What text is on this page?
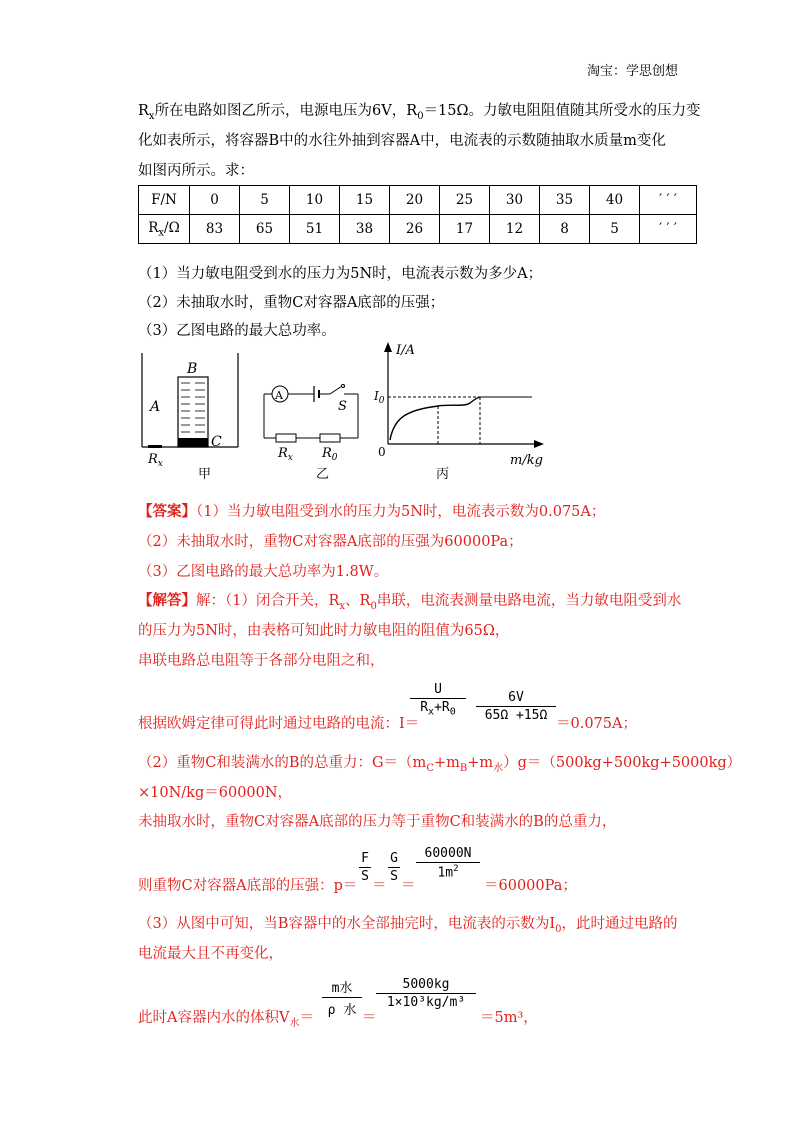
淘宝：学思创想
$R_x$所在电路如图乙所示，电源电压为6V，$R_0=15\Omega$。力敏电阻阻值随其所受水的压力变
化如表所示，将容器B中的水往外抽到容器A中，电流表的示数随抽取水质量m变化
如图丙所示。求：
F/N	0	5	10	15	20	25	30	35	40	′ ′ ′
$R_x/\Omega$	83	65	51	38	26	17	12	8	5	′ ′ ′
（1）当力敏电阻受到水的压力为5N时，电流表示数为多少A；
（2）未抽取水时，重物C对容器A底部的压强；
（3）乙图电路的最大总功率。
A
B
C
$R_x$
甲
A
S
$R_x$ $R_0$
乙
I/A
$I_0$
0
m/kg
丙
【答案】（1）当力敏电阻受到水的压力为5N时，电流表示数为0.075A；
（2）未抽取水时，重物C对容器A底部的压强为60000Pa；
（3）乙图电路的最大总功率为1.8W。
【解答】解：（1）闭合开关，$R_x$、$R_0$串联，电流表测量电路电流，当力敏电阻受到水
的压力为5N时，由表格可知此时力敏电阻的阻值为65Ω，
串联电路总电阻等于各部分电阻之和，
根据欧姆定律可得此时通过电路的电流：I＝
U
$R_x+R_0$
6V
65Ω +15Ω
＝0.075A；
（2）重物C和装满水的B的总重力：$G=(m_C+m_B+m_水)g=(500kg+500kg+5000kg)$
×10N/kg＝60000N，
未抽取水时，重物C对容器A底部的压力等于重物C和装满水的B的总重力，
则重物C对容器A底部的压强：p＝
F
S
＝
G
S
＝
60000N
$1m^2$
＝60000Pa；
（3）从图中可知，当B容器中的水全部抽完时，电流表的示数为$I_0$，此时通过电路的
电流最大且不再变化，
此时A容器内水的体积$V_水=$
m水
ρ 水 ＝
5000kg
1×10³kg/m³
＝5m³，
